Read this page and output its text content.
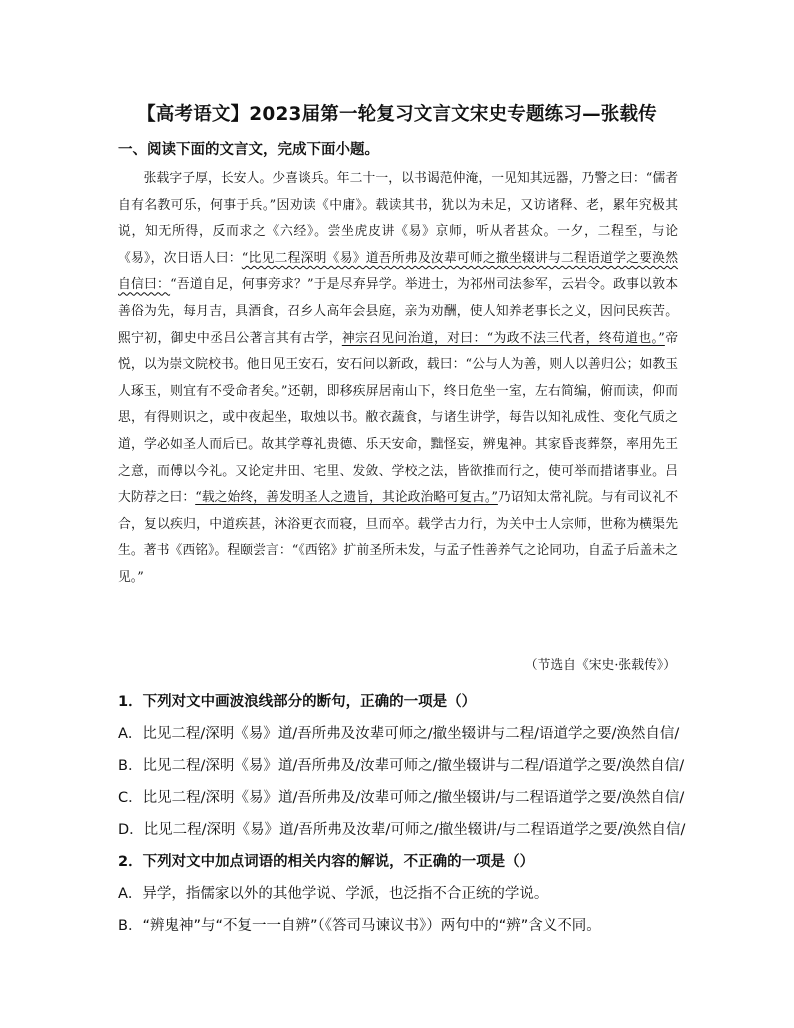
【高考语文】2023届第一轮复习文言文宋史专题练习—张载传
一、阅读下面的文言文，完成下面小题。
张载字子厚，长安人。少喜谈兵。年二十一，以书谒范仲淹，一见知其远器，乃警之曰：“儒者自有名教可乐，何事于兵。”因劝读《中庸》。载读其书，犹以为未足，又访诸释、老，累年究极其说，知无所得，反而求之《六经》。尝坐虎皮讲《易》京师，听从者甚众。一夕，二程至，与论《易》，次日语人曰：“比见二程深明《易》道吾所弗及汝辈可师之撤坐辍讲与二程语道学之要涣然自信曰：“吾道自足，何事旁求？”于是尽弃异学。举进士，为祁州司法参军，云岩令。政事以敦本善俗为先，每月吉，具酒食，召乡人高年会县庭，亲为劝酬，使人知养老事长之义，因问民疾苦。熙宁初，御史中丞吕公著言其有古学，神宗召见问治道，对曰：“为政不法三代者，终苟道也。”帝悦，以为崇文院校书。他日见王安石，安石问以新政，载曰：“公与人为善，则人以善归公；如教玉人琢玉，则宜有不受命者矣。”还朝，即移疾屏居南山下，终日危坐一室，左右简编，俯而读，仰而思，有得则识之，或中夜起坐，取烛以书。敝衣蔬食，与诸生讲学，每告以知礼成性、变化气质之道，学必如圣人而后已。故其学尊礼贵德、乐天安命，黜怪妄，辨鬼神。其家昏丧葬祭，率用先王之意，而傅以今礼。又论定井田、宅里、发敛、学校之法，皆欲推而行之，使可举而措诸事业。吕大防荐之曰：“载之始终，善发明圣人之遗旨，其论政治略可复古。”乃诏知太常礼院。与有司议礼不合，复以疾归，中道疾甚，沐浴更衣而寝，旦而卒。载学古力行，为关中士人宗师，世称为横渠先生。著书《西铭》。程颐尝言：“《西铭》扩前圣所未发，与孟子性善养气之论同功，自孟子后盖未之见。”
（节选自《宋史·张载传》）
1．下列对文中画波浪线部分的断句，正确的一项是（）
A．比见二程/深明《易》道/吾所弗及汝辈可师之/撤坐辍讲与二程/语道学之要/涣然自信/
B．比见二程/深明《易》道/吾所弗及/汝辈可师之/撤坐辍讲与二程/语道学之要/涣然自信/
C．比见二程/深明《易》道/吾所弗及/汝辈可师之/撤坐辍讲/与二程语道学之要/涣然自信/
D．比见二程/深明《易》道/吾所弗及汝辈/可师之/撤坐辍讲/与二程语道学之要/涣然自信/
2．下列对文中加点词语的相关内容的解说，不正确的一项是（）
A．异学，指儒家以外的其他学说、学派，也泛指不合正统的学说。
B．“辨鬼神”与“不复一一自辨”（《答司马谏议书》）两句中的“辨”含义不同。
